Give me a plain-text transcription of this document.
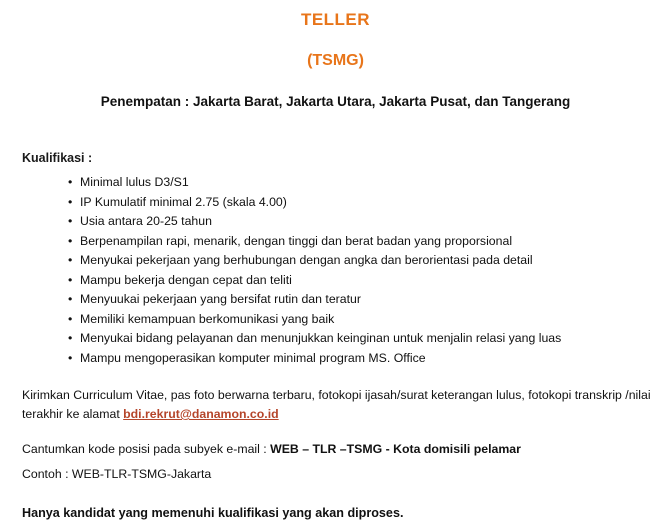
TELLER
(TSMG)
Penempatan : Jakarta Barat, Jakarta Utara, Jakarta Pusat, dan Tangerang
Kualifikasi :
• Minimal lulus D3/S1
• IP Kumulatif minimal 2.75 (skala 4.00)
• Usia antara 20-25 tahun
• Berpenampilan rapi, menarik, dengan tinggi dan berat badan yang proporsional
• Menyukai pekerjaan yang berhubungan dengan angka dan berorientasi pada detail
• Mampu bekerja dengan cepat dan teliti
• Menyuukai pekerjaan yang bersifat rutin dan teratur
• Memiliki kemampuan berkomunikasi yang baik
• Menyukai bidang pelayanan dan menunjukkan keinginan untuk menjalin relasi yang luas
• Mampu mengoperasikan komputer minimal program MS. Office
Kirimkan Curriculum Vitae, pas foto berwarna terbaru, fotokopi ijasah/surat keterangan lulus, fotokopi transkrip /nilai terakhir ke alamat bdi.rekrut@danamon.co.id
Cantumkan kode posisi pada subyek e-mail : WEB – TLR –TSMG - Kota domisili pelamar
Contoh : WEB-TLR-TSMG-Jakarta
Hanya kandidat yang memenuhi kualifikasi yang akan diproses.
